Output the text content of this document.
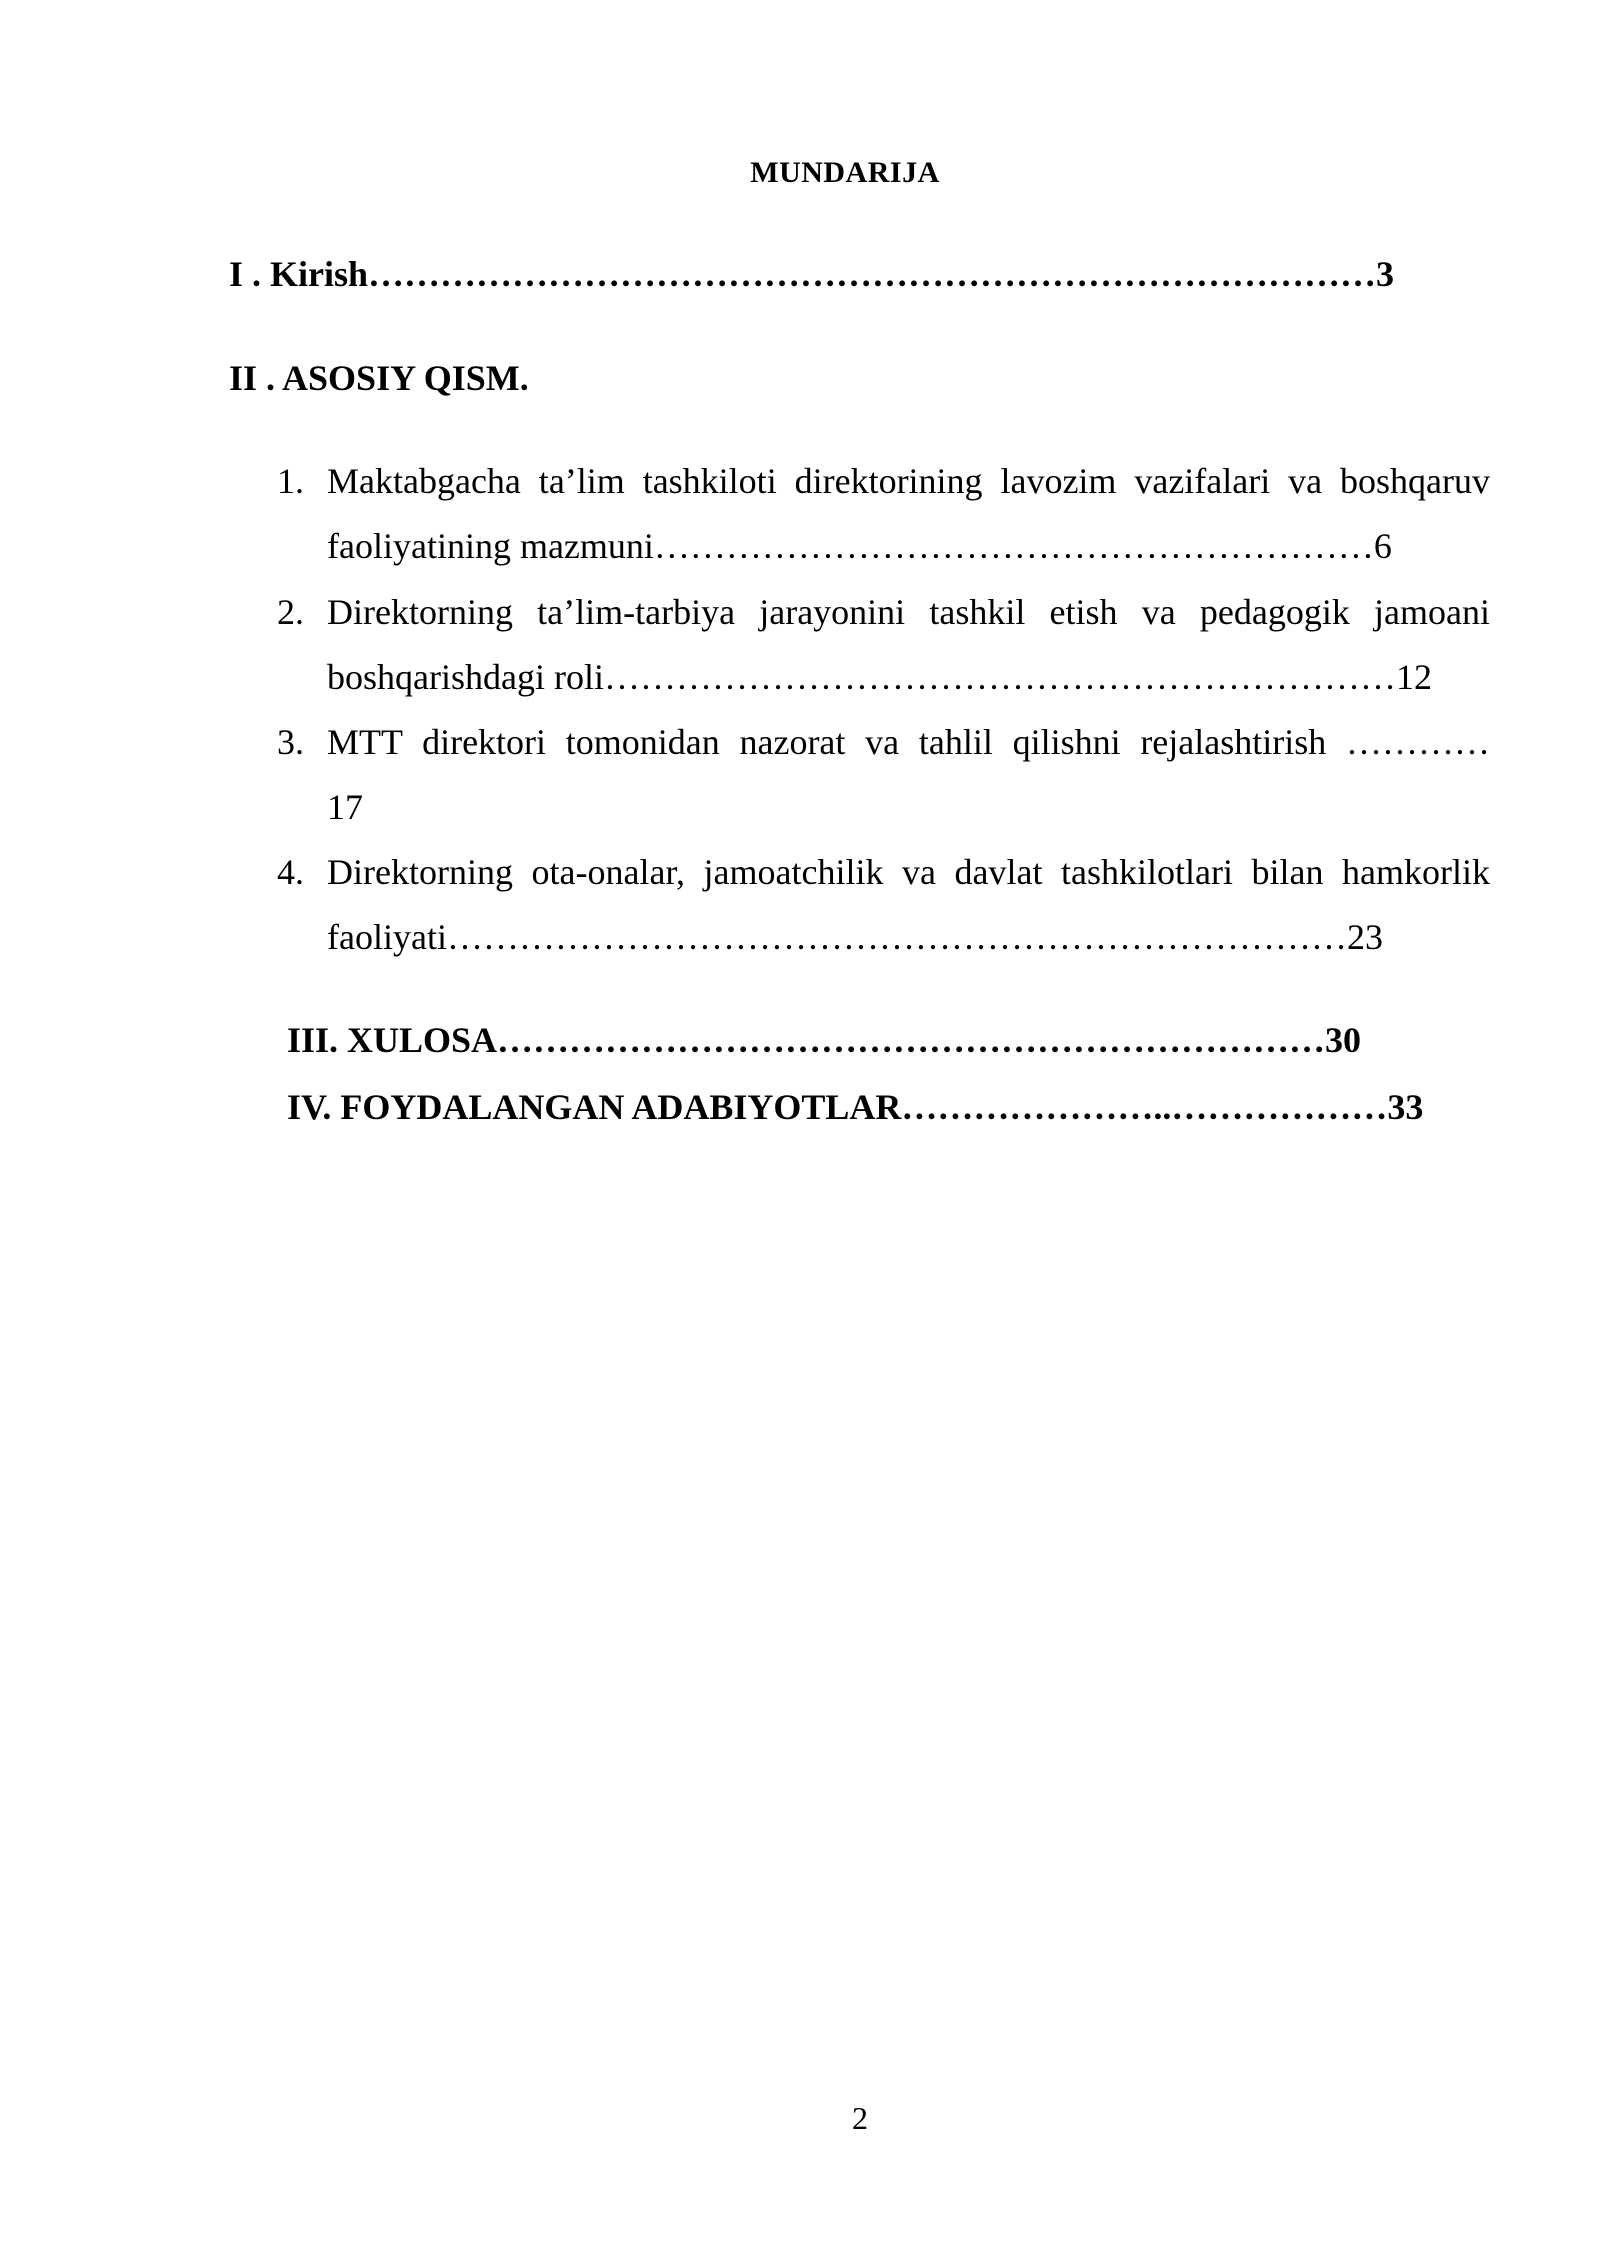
MUNDARIJA
I . Kirish…………………………………………………………………………3
II . ASOSIY QISM.
1. Maktabgacha ta’lim tashkiloti direktorining lavozim vazifalari va boshqaruv
faoliyatining mazmuni……………………………………………………6
2. Direktorning ta’lim-tarbiya jarayonini tashkil etish va pedagogik jamoani
boshqarishdagi roli…………………………………………………………12
3. MTT direktori tomonidan nazorat va tahlil qilishni rejalashtirish …………
17
4. Direktorning ota-onalar, jamoatchilik va davlat tashkilotlari bilan hamkorlik
faoliyati…………………………………………………………………23
III. XULOSA……………………………………………………………30
IV. FOYDALANGAN ADABIYOTLAR…………………..………………33
2
